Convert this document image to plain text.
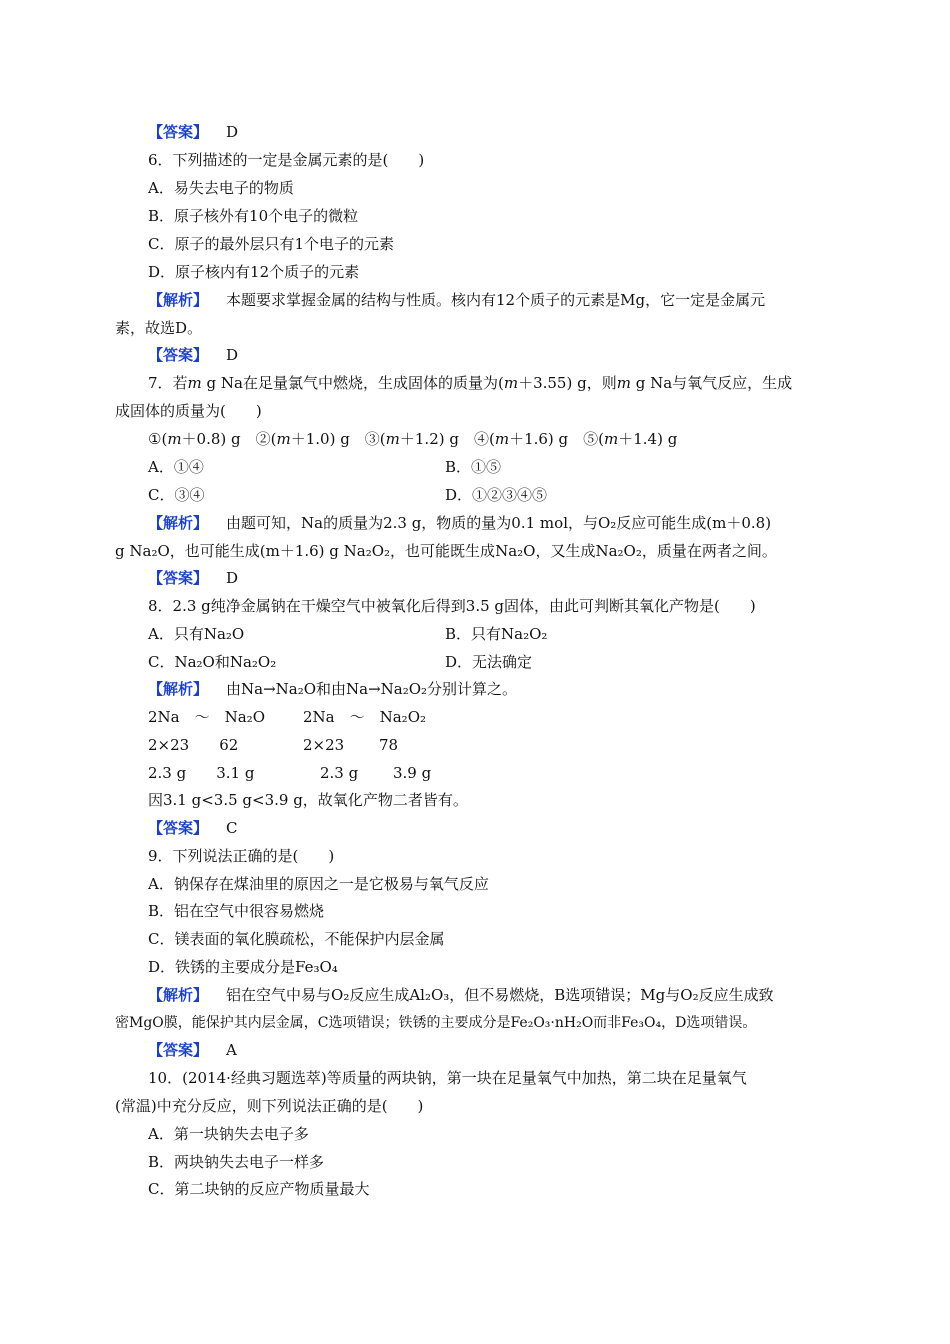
【答案】 D
6．下列描述的一定是金属元素的是(　　)
A．易失去电子的物质
B．原子核外有10个电子的微粒
C．原子的最外层只有1个电子的元素
D．原子核内有12个质子的元素
【解析】 本题要求掌握金属的结构与性质。核内有12个质子的元素是Mg，它一定是金属元
素，故选D。
【答案】 D
7．若m g Na在足量氯气中燃烧，生成固体的质量为(m＋3.55) g，则m g Na与氧气反应，生成
成固体的质量为(　　)
①(m＋0.8) g　②(m＋1.0) g　③(m＋1.2) g　④(m＋1.6) g　⑤(m＋1.4) g
A．①④	B．①⑤
C．③④	D．①②③④⑤
【解析】 由题可知，Na的质量为2.3 g，物质的量为0.1 mol，与O₂反应可能生成(m＋0.8)
g Na₂O，也可能生成(m＋1.6) g Na₂O₂，也可能既生成Na₂O，又生成Na₂O₂，质量在两者之间。
【答案】 D
8．2.3 g纯净金属钠在干燥空气中被氧化后得到3.5 g固体，由此可判断其氧化产物是(　　)
A．只有Na₂O	B．只有Na₂O₂
C．Na₂O和Na₂O₂	D．无法确定
【解析】 由Na→Na₂O和由Na→Na₂O₂分别计算之。
2Na　～　Na₂O	2Na　～　Na₂O₂
2×23　　62	2×23　　 78
2.3 g　　3.1 g	2.3 g　　 3.9 g
因3.1 g<3.5 g<3.9 g，故氧化产物二者皆有。
【答案】 C
9．下列说法正确的是(　　)
A．钠保存在煤油里的原因之一是它极易与氧气反应
B．铝在空气中很容易燃烧
C．镁表面的氧化膜疏松，不能保护内层金属
D．铁锈的主要成分是Fe₃O₄
【解析】 铝在空气中易与O₂反应生成Al₂O₃，但不易燃烧，B选项错误；Mg与O₂反应生成致
密MgO膜，能保护其内层金属，C选项错误；铁锈的主要成分是Fe₂O₃·nH₂O而非Fe₃O₄，D选项错误。
【答案】 A
10．(2014·经典习题选萃)等质量的两块钠，第一块在足量氧气中加热，第二块在足量氧气
(常温)中充分反应，则下列说法正确的是(　　)
A．第一块钠失去电子多
B．两块钠失去电子一样多
C．第二块钠的反应产物质量最大
